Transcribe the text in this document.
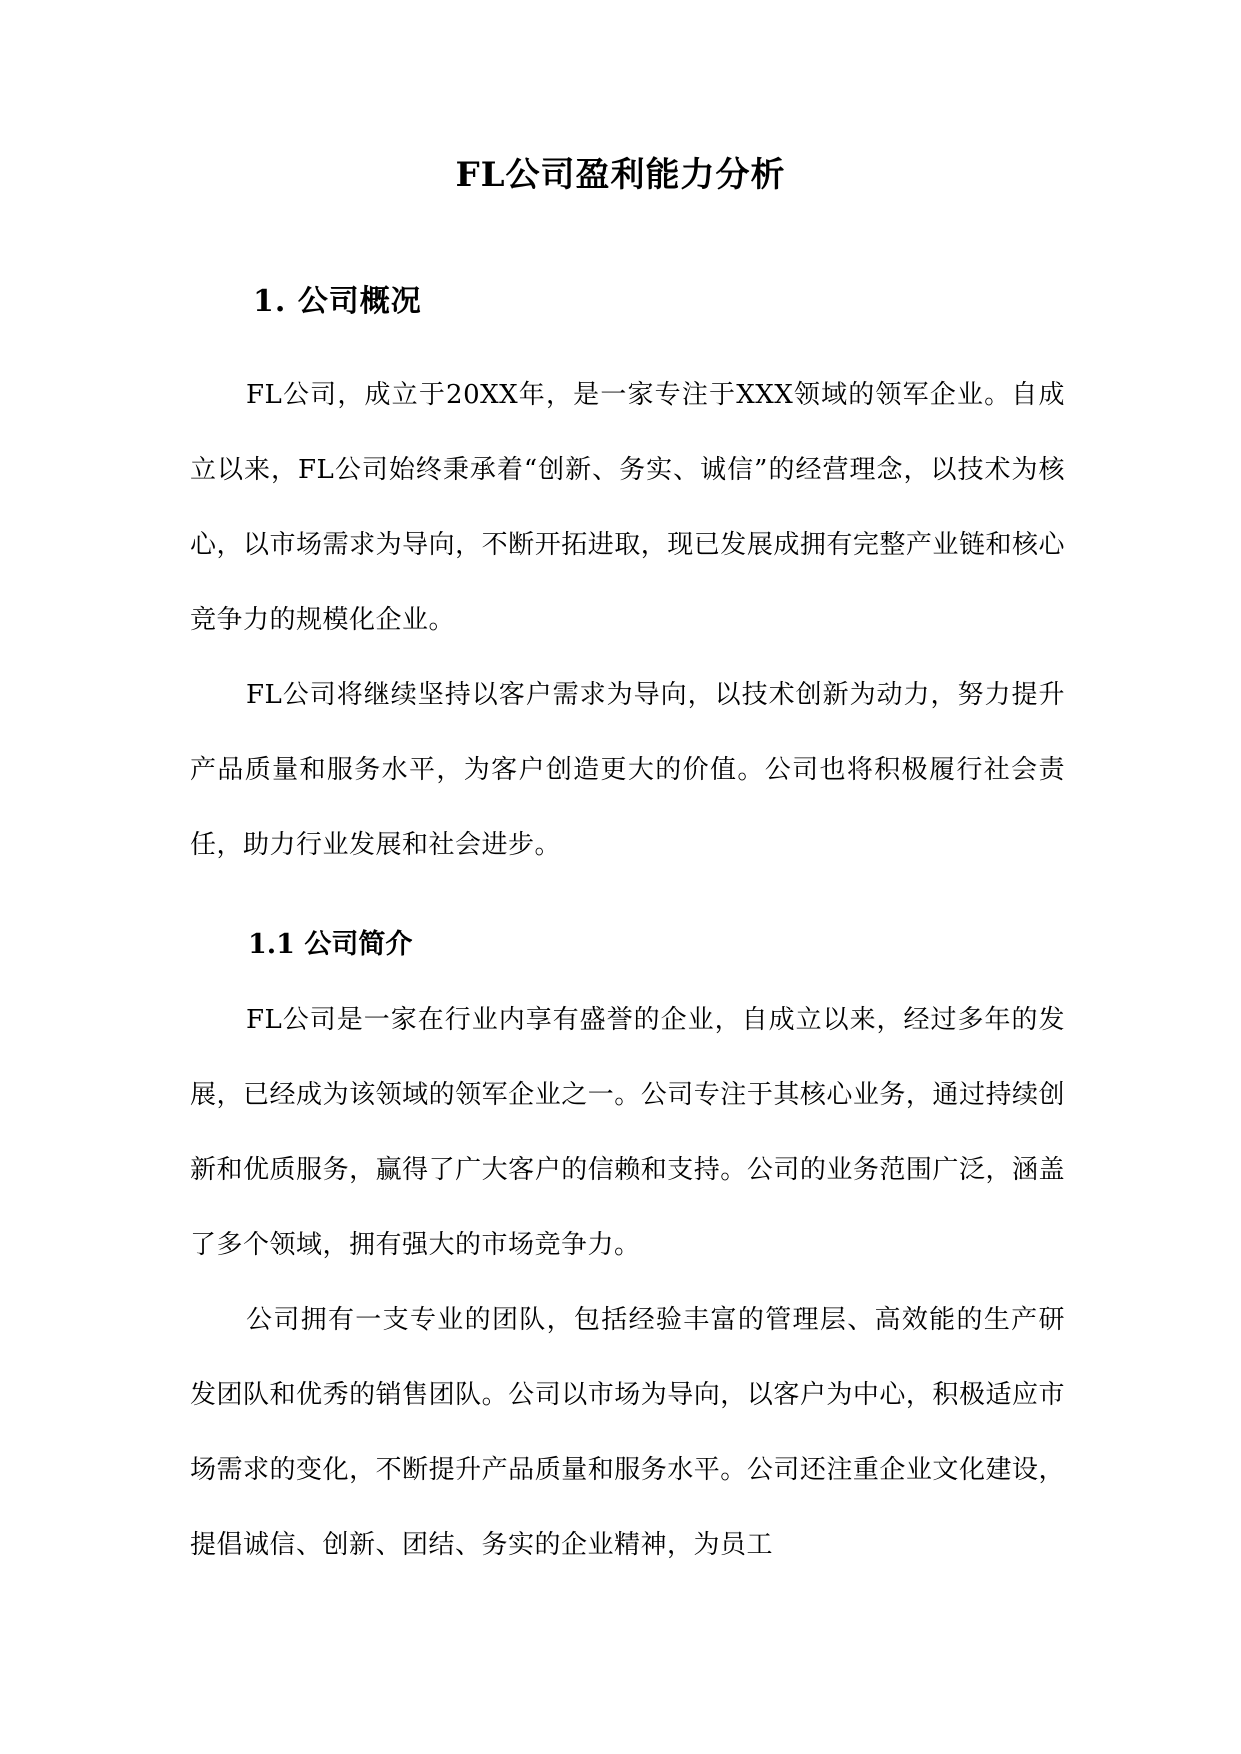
FL公司盈利能力分析
1. 公司概况

FL公司，成立于20XX年，是一家专注于XXX领域的领军企业。自成立以来，FL公司始终秉承着“创新、务实、诚信”的经营理念，以技术为核心，以市场需求为导向，不断开拓进取，现已发展成拥有完整产业链和核心竞争力的规模化企业。

FL公司将继续坚持以客户需求为导向，以技术创新为动力，努力提升产品质量和服务水平，为客户创造更大的价值。公司也将积极履行社会责任，助力行业发展和社会进步。

1.1 公司简介

FL公司是一家在行业内享有盛誉的企业，自成立以来，经过多年的发展，已经成为该领域的领军企业之一。公司专注于其核心业务，通过持续创新和优质服务，赢得了广大客户的信赖和支持。公司的业务范围广泛，涵盖了多个领域，拥有强大的市场竞争力。

公司拥有一支专业的团队，包括经验丰富的管理层、高效能的生产研发团队和优秀的销售团队。公司以市场为导向，以客户为中心，积极适应市场需求的变化，不断提升产品质量和服务水平。公司还注重企业文化建设，提倡诚信、创新、团结、务实的企业精神，为员工
